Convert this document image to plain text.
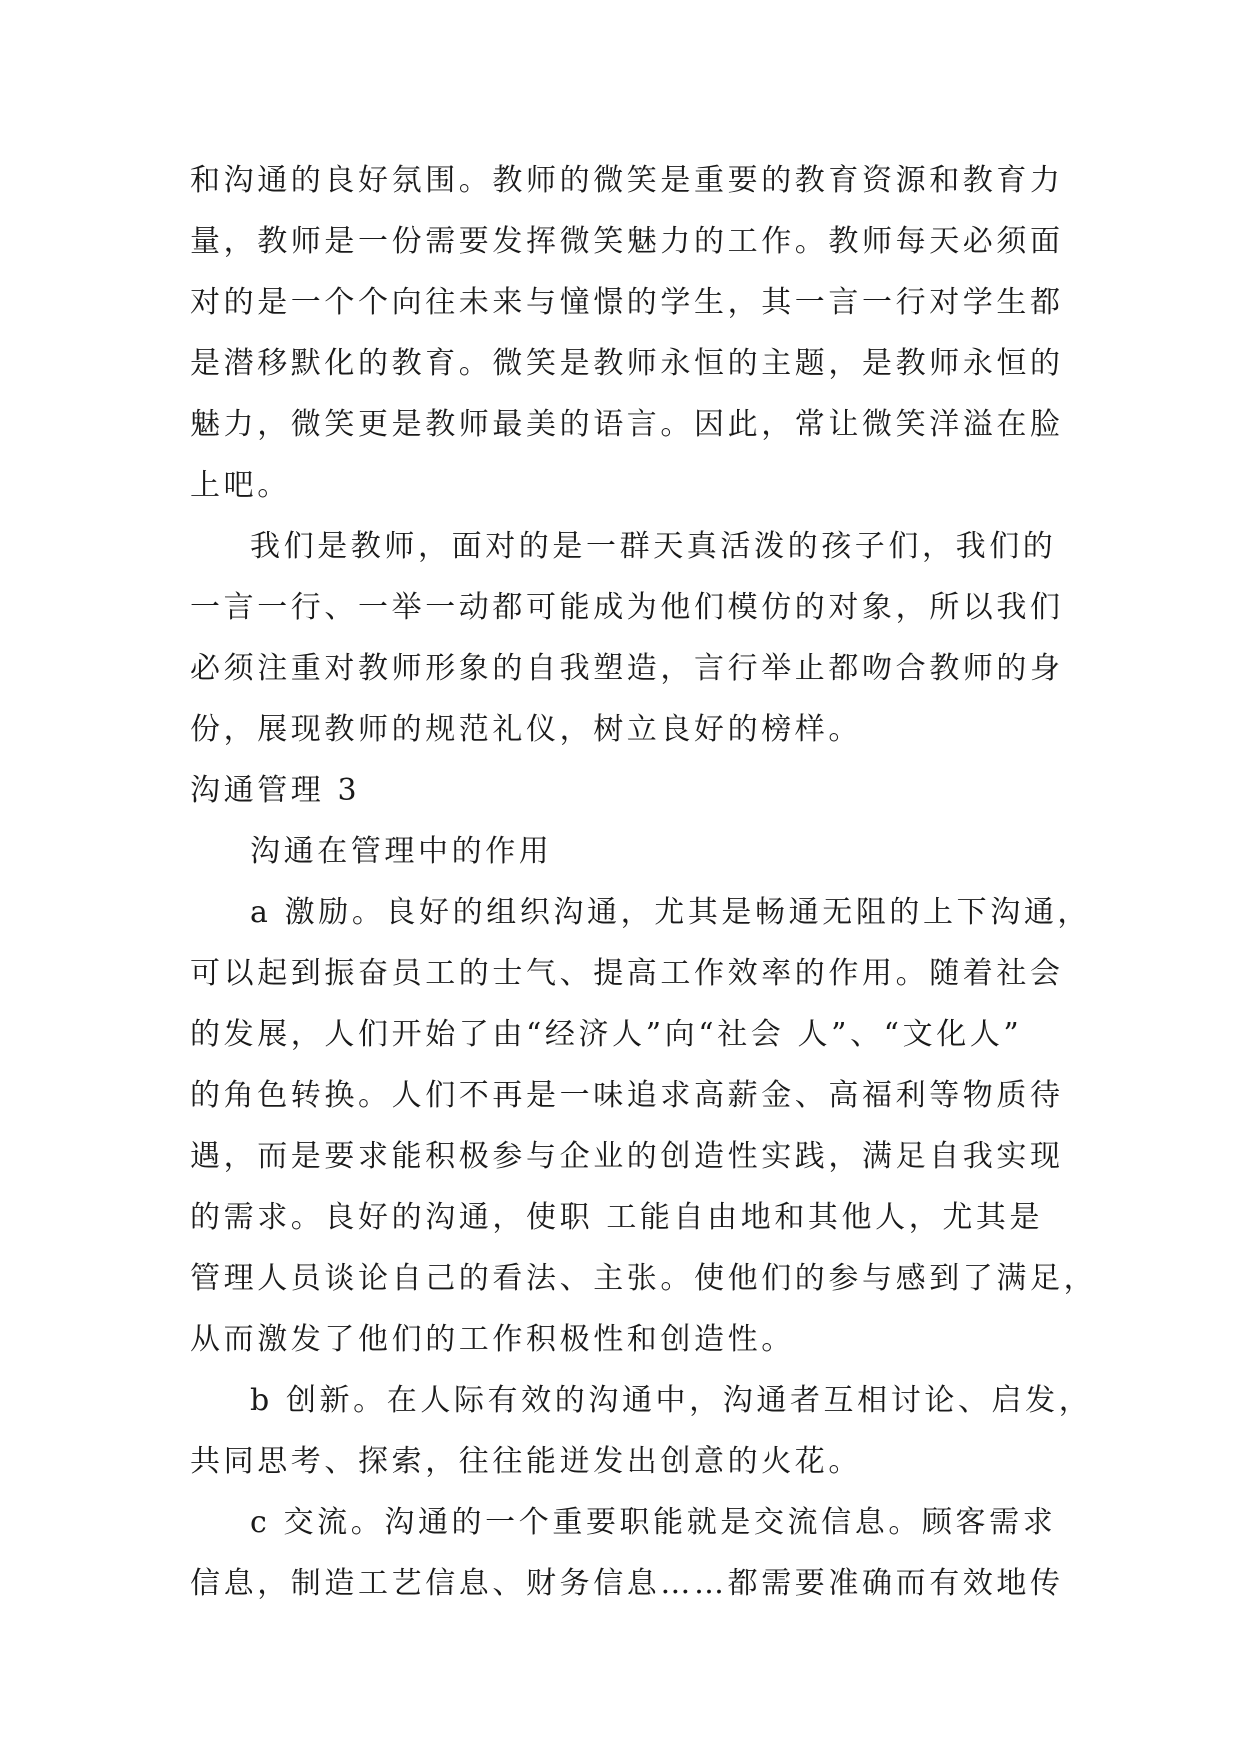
和沟通的良好氛围。教师的微笑是重要的教育资源和教育力
量，教师是一份需要发挥微笑魅力的工作。教师每天必须面
对的是一个个向往未来与憧憬的学生，其一言一行对学生都
是潜移默化的教育。微笑是教师永恒的主题，是教师永恒的
魅力，微笑更是教师最美的语言。因此，常让微笑洋溢在脸
上吧。

我们是教师，面对的是一群天真活泼的孩子们，我们的
一言一行、一举一动都可能成为他们模仿的对象，所以我们
必须注重对教师形象的自我塑造，言行举止都吻合教师的身
份，展现教师的规范礼仪，树立良好的榜样。

沟通管理 3

沟通在管理中的作用

a 激励。良好的组织沟通，尤其是畅通无阻的上下沟通，
可以起到振奋员工的士气、提高工作效率的作用。随着社会
的发展，人们开始了由“经济人”向“社会 人”、“文化人”
的角色转换。人们不再是一味追求高薪金、高福利等物质待
遇，而是要求能积极参与企业的创造性实践，满足自我实现
的需求。良好的沟通，使职 工能自由地和其他人，尤其是
管理人员谈论自己的看法、主张。使他们的参与感到了满足，
从而激发了他们的工作积极性和创造性。

b 创新。在人际有效的沟通中，沟通者互相讨论、启发，
共同思考、探索，往往能迸发出创意的火花。

c 交流。沟通的一个重要职能就是交流信息。顾客需求
信息，制造工艺信息、财务信息……都需要准确而有效地传
